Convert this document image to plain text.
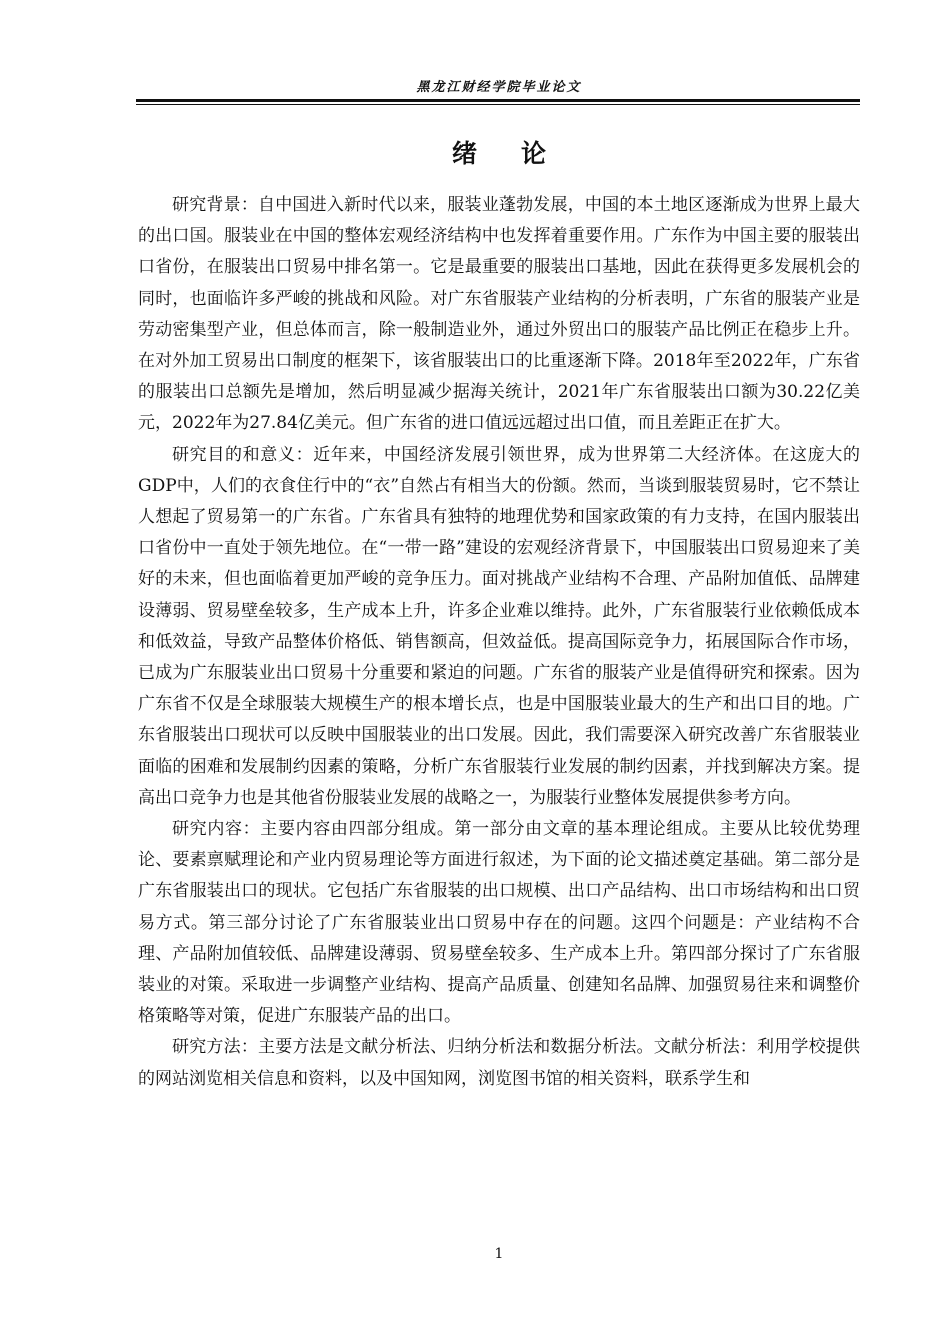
黑龙江财经学院毕业论文
绪论

研究背景：自中国进入新时代以来，服装业蓬勃发展，中国的本土地区逐渐成为世界上最大的出口国。服装业在中国的整体宏观经济结构中也发挥着重要作用。广东作为中国主要的服装出口省份，在服装出口贸易中排名第一。它是最重要的服装出口基地，因此在获得更多发展机会的同时，也面临许多严峻的挑战和风险。对广东省服装产业结构的分析表明，广东省的服装产业是劳动密集型产业，但总体而言，除一般制造业外，通过外贸出口的服装产品比例正在稳步上升。在对外加工贸易出口制度的框架下，该省服装出口的比重逐渐下降。2018年至2022年，广东省的服装出口总额先是增加，然后明显减少据海关统计，2021年广东省服装出口额为30.22亿美元，2022年为27.84亿美元。但广东省的进口值远远超过出口值，而且差距正在扩大。

研究目的和意义：近年来，中国经济发展引领世界，成为世界第二大经济体。在这庞大的GDP中，人们的衣食住行中的“衣”自然占有相当大的份额。然而，当谈到服装贸易时，它不禁让人想起了贸易第一的广东省。广东省具有独特的地理优势和国家政策的有力支持，在国内服装出口省份中一直处于领先地位。在“一带一路”建设的宏观经济背景下，中国服装出口贸易迎来了美好的未来，但也面临着更加严峻的竞争压力。面对挑战产业结构不合理、产品附加值低、品牌建设薄弱、贸易壁垒较多，生产成本上升，许多企业难以维持。此外，广东省服装行业依赖低成本和低效益，导致产品整体价格低、销售额高，但效益低。提高国际竞争力，拓展国际合作市场，已成为广东服装业出口贸易十分重要和紧迫的问题。广东省的服装产业是值得研究和探索。因为广东省不仅是全球服装大规模生产的根本增长点，也是中国服装业最大的生产和出口目的地。广东省服装出口现状可以反映中国服装业的出口发展。因此，我们需要深入研究改善广东省服装业面临的困难和发展制约因素的策略，分析广东省服装行业发展的制约因素，并找到解决方案。提高出口竞争力也是其他省份服装业发展的战略之一，为服装行业整体发展提供参考方向。

研究内容：主要内容由四部分组成。第一部分由文章的基本理论组成。主要从比较优势理论、要素禀赋理论和产业内贸易理论等方面进行叙述，为下面的论文描述奠定基础。第二部分是广东省服装出口的现状。它包括广东省服装的出口规模、出口产品结构、出口市场结构和出口贸易方式。第三部分讨论了广东省服装业出口贸易中存在的问题。这四个问题是：产业结构不合理、产品附加值较低、品牌建设薄弱、贸易壁垒较多、生产成本上升。第四部分探讨了广东省服装业的对策。采取进一步调整产业结构、提高产品质量、创建知名品牌、加强贸易往来和调整价格策略等对策，促进广东服装产品的出口。

研究方法：主要方法是文献分析法、归纳分析法和数据分析法。文献分析法：利用学校提供的网站浏览相关信息和资料，以及中国知网，浏览图书馆的相关资料，联系学生和

1
